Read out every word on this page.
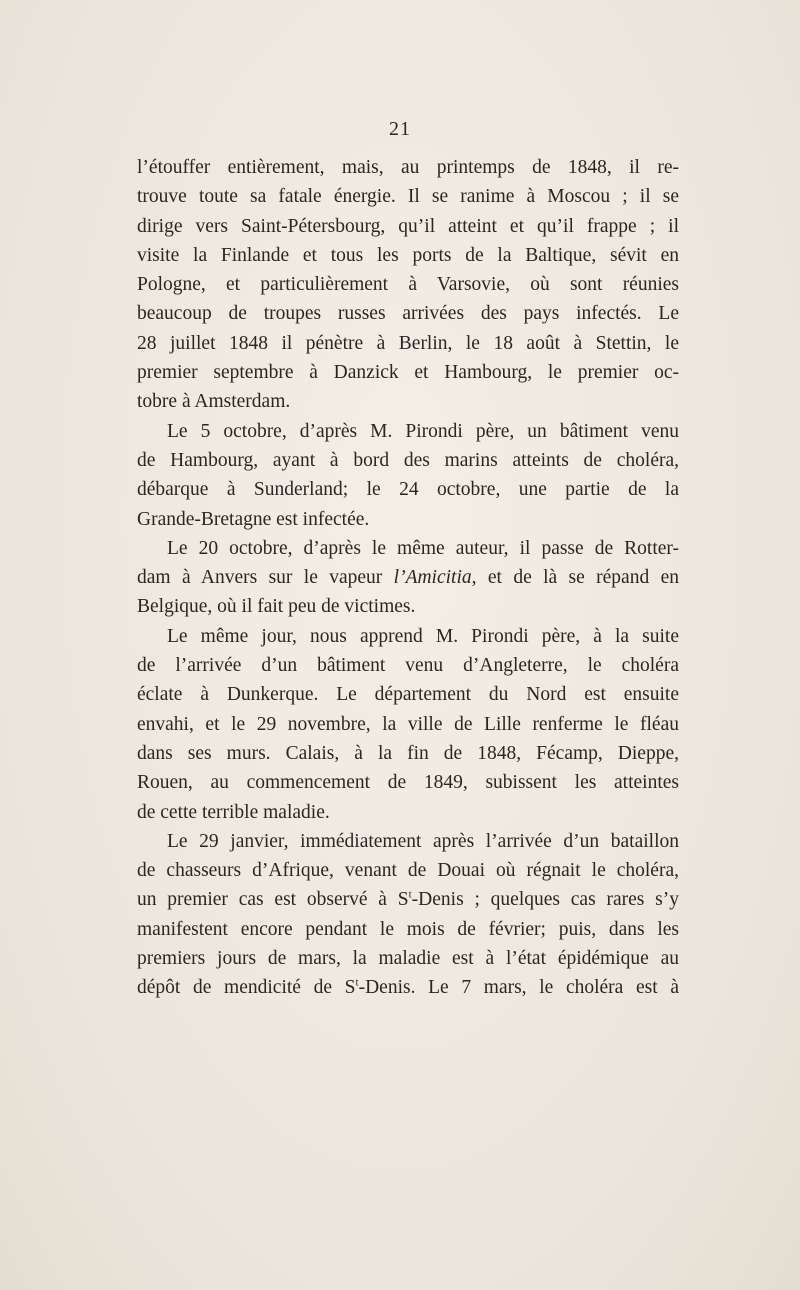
21

l’étouffer entièrement, mais, au printemps de 1848, il re-
trouve toute sa fatale énergie. Il se ranime à Moscou ; il se
dirige vers Saint-Pétersbourg, qu’il atteint et qu’il frappe ; il
visite la Finlande et tous les ports de la Baltique, sévit en
Pologne, et particulièrement à Varsovie, où sont réunies
beaucoup de troupes russes arrivées des pays infectés. Le
28 juillet 1848 il pénètre à Berlin, le 18 août à Stettin, le
premier septembre à Danzick et Hambourg, le premier oc-
tobre à Amsterdam.

Le 5 octobre, d’après M. Pirondi père, un bâtiment venu
de Hambourg, ayant à bord des marins atteints de choléra,
débarque à Sunderland; le 24 octobre, une partie de la
Grande-Bretagne est infectée.

Le 20 octobre, d’après le même auteur, il passe de Rotter-
dam à Anvers sur le vapeur l’Amicitia, et de là se répand en
Belgique, où il fait peu de victimes.

Le même jour, nous apprend M. Pirondi père, à la suite
de l’arrivée d’un bâtiment venu d’Angleterre, le choléra
éclate à Dunkerque. Le département du Nord est ensuite
envahi, et le 29 novembre, la ville de Lille renferme le fléau
dans ses murs. Calais, à la fin de 1848, Fécamp, Dieppe,
Rouen, au commencement de 1849, subissent les atteintes
de cette terrible maladie.

Le 29 janvier, immédiatement après l’arrivée d’un bataillon
de chasseurs d’Afrique, venant de Douai où régnait le choléra,
un premier cas est observé à $S^t$-Denis ; quelques cas rares s’y
manifestent encore pendant le mois de février; puis, dans les
premiers jours de mars, la maladie est à l’état épidémique au
dépôt de mendicité de $S^t$-Denis. Le 7 mars, le choléra est à
